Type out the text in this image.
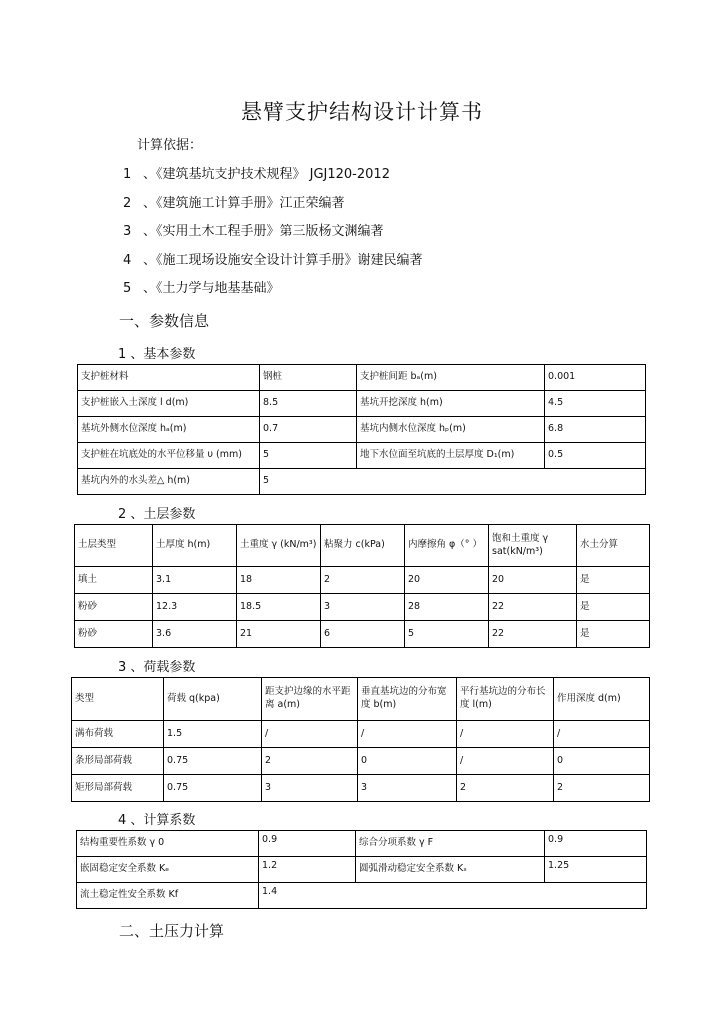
悬臂支护结构设计计算书
计算依据：
1 、《建筑基坑支护技术规程》 JGJ120-2012
2 、《建筑施工计算手册》江正荣编著
3 、《实用土木工程手册》第三版杨文渊编著
4 、《施工现场设施安全设计计算手册》谢建民编著
5 、《土力学与地基基础》
一、参数信息
1 、基本参数
支护桩材料	钢桩	支护桩间距 bₐ(m)	0.001
支护桩嵌入土深度 l d(m)	8.5	基坑开挖深度 h(m)	4.5
基坑外侧水位深度 hₐ(m)	0.7	基坑内侧水位深度 hₚ(m)	6.8
支护桩在坑底处的水平位移量 υ (mm)	5	地下水位面至坑底的土层厚度 D₁(m)	0.5
基坑内外的水头差△ h(m)	5		
2 、土层参数
土层类型	土厚度 h(m)	土重度 γ (kN/m³)	粘聚力 c(kPa)	内摩擦角 φ（° ）	饱和土重度 γ sat(kN/m³)	水土分算
填土	3.1	18	2	20	20	是
粉砂	12.3	18.5	3	28	22	是
粉砂	3.6	21	6	5	22	是
3 、荷载参数
类型	荷载 q(kpa)	距支护边缘的水平距离 a(m)	垂直基坑边的分布宽度 b(m)	平行基坑边的分布长度 l(m)	作用深度 d(m)
满布荷载	1.5	/	/	/	/
条形局部荷载	0.75	2	0	/	0
矩形局部荷载	0.75	3	3	2	2
4 、计算系数
结构重要性系数 γ 0	0.9	综合分项系数 γ F	0.9
嵌固稳定安全系数 Kₑ	1.2	圆弧滑动稳定安全系数 Kₛ	1.25
流土稳定性安全系数 Kf	1.4		
二、土压力计算
